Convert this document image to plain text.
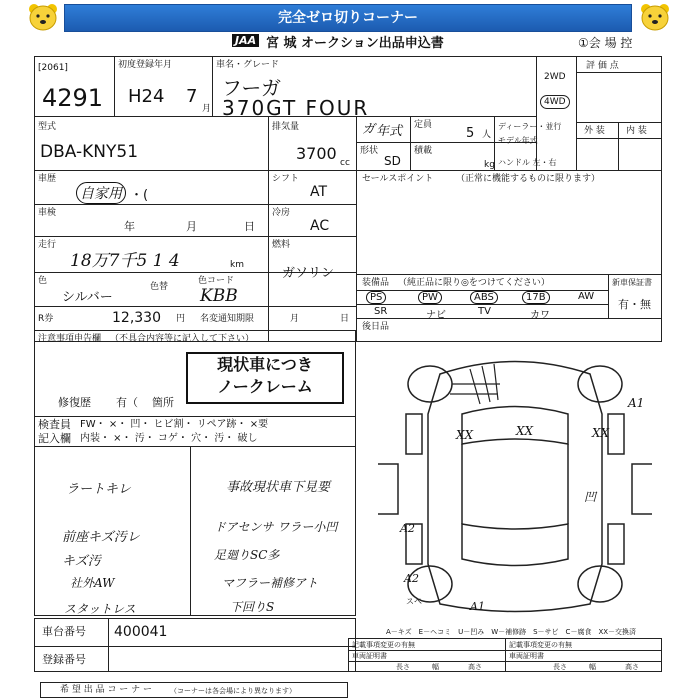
完全ゼロ切りコーナー
JAA 宮 城 オークション出品申込書	①会 場 控
[2061]
4291
初度登録年月
H24 7
月
車名・グレード
フーガ
370GT FOUR
2WD
4WD
評 価 点
外 装 内 装
型式
DBA-KNY51
排気量
3700 cc
ガ 年式 定員
5 人
形状
SD
積載
kg
ディーラー・並行
モデル年式
ハンドル 左・右
車歴
自家用 ・(
シフト
AT
車検
年	月	日
冷房
AC
走行
18万7千5 1 4	km
燃料
ガソリン
色
シルバー
色替
色コード
KBB
R券	12,330 円 名変通知期限	月	日
セールスポイント	（正常に機能するものに限ります）
装備品 （純正品に限り◎をつけてください）	新車保証書
有・無
PS	PW	ABS	17B	AW
SR	ナビ	TV	カワ
後日品
注意事項申告欄 （不具合内容等に記入して下さい）
現状車につき
ノークレーム
修復歴 有（ 箇所
検査員
記入欄
FW・ ×・ 凹・ ヒビ割・ リペア跡・ ×要
内装・ ×・ 汚・ コゲ・ 穴・ 汚・ 破し
ラートキレ
前座キズ汚レ
キズ汚
社外AW
スタットレス
事故現状車下見要
ドアセンサ ワラー小凹
足廻りSC多
マフラー補修アト
下回りS
A1
XX	XX	XX
凹
A2
A2
A1
スペ
A－キズ　E－ヘコミ　U－凹み　W－補修跡　S－サビ　C－腐食　XX－交換済
車台番号 400041
登録番号
記載事項変更の有無	記載事項変更の有無
車両証明書	車両証明書
長さ	幅	高さ	長さ	幅	高さ
希 望 出 品 コ ー ナ ー	（コーナーは各会場により異なります）
